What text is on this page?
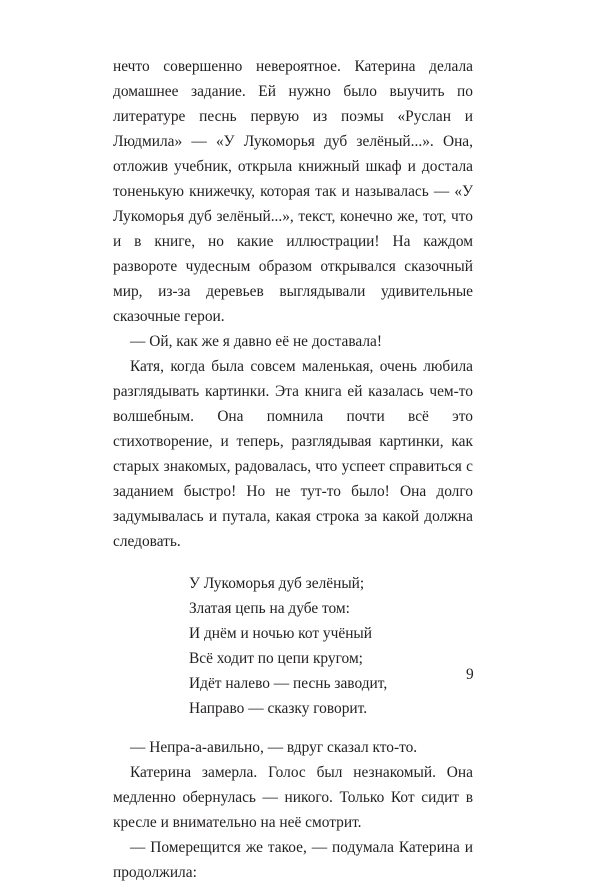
нечто совершенно невероятное. Катерина делала домашнее задание. Ей нужно было выучить по литературе песнь первую из поэмы «Руслан и Людмила» — «У Лукоморья дуб зелёный...». Она, отложив учебник, открыла книжный шкаф и достала тоненькую книжечку, которая так и называлась — «У Лукоморья дуб зелёный...», текст, конечно же, тот, что и в книге, но какие иллюстрации! На каждом развороте чудесным образом открывался сказочный мир, из-за деревьев выглядывали удивительные сказочные герои.

— Ой, как же я давно её не доставала!

Катя, когда была совсем маленькая, очень любила разглядывать картинки. Эта книга ей казалась чем-то волшебным. Она помнила почти всё это стихотворение, и теперь, разглядывая картинки, как старых знакомых, радовалась, что успеет справиться с заданием быстро! Но не тут-то было! Она долго задумывалась и путала, какая строка за какой должна следовать.

У Лукоморья дуб зелёный;
Златая цепь на дубе том:
И днём и ночью кот учёный
Всё ходит по цепи кругом;
Идёт налево — песнь заводит,
Направо — сказку говорит.

— Непра-а-авильно, — вдруг сказал кто-то.

Катерина замерла. Голос был незнакомый. Она медленно обернулась — никого. Только Кот сидит в кресле и внимательно на неё смотрит.

— Померещится же такое, — подумала Катерина и продолжила:

9
